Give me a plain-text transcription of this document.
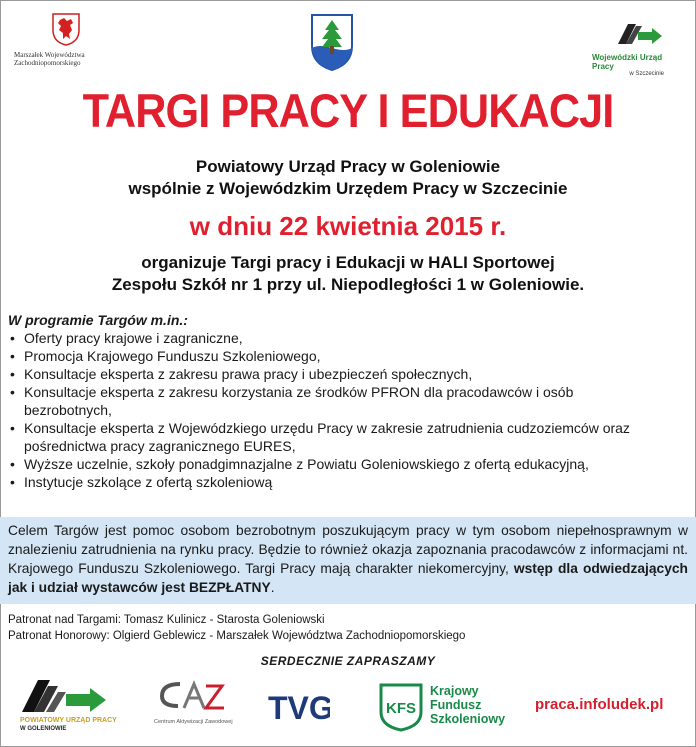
Marszałek Województwa
Zachodniopomorskiego
Wojewódzki Urząd Pracy
w Szczecinie
TARGI PRACY I EDUKACJI
Powiatowy Urząd Pracy w Goleniowie
wspólnie z Wojewódzkim Urzędem Pracy w Szczecinie
w dniu 22 kwietnia 2015 r.
organizuje Targi pracy i Edukacji w HALI Sportowej
Zespołu Szkół nr 1 przy ul. Niepodległości 1 w Goleniowie.
W programie Targów m.in.:
• Oferty pracy krajowe i zagraniczne,
• Promocja Krajowego Funduszu Szkoleniowego,
• Konsultacje eksperta z zakresu prawa pracy i ubezpieczeń społecznych,
• Konsultacje eksperta z zakresu korzystania ze środków PFRON dla pracodawców i osób bezrobotnych,
• Konsultacje eksperta z Wojewódzkiego urzędu Pracy w zakresie zatrudnienia cudzoziemców oraz pośrednictwa pracy zagranicznego EURES,
• Wyższe uczelnie, szkoły ponadgimnazjalne z Powiatu Goleniowskiego z ofertą edukacyjną,
• Instytucje szkolące z ofertą szkoleniową
Celem Targów jest pomoc osobom bezrobotnym poszukującym pracy w tym osobom niepełnosprawnym w znalezieniu zatrudnienia na rynku pracy. Będzie to również okazja zapoznania pracodawców z informacjami nt. Krajowego Funduszu Szkoleniowego. Targi Pracy mają charakter niekomercyjny, wstęp dla odwiedzających jak i udział wystawców jest BEZPŁATNY.
Patronat nad Targami: Tomasz Kulinicz - Starosta Goleniowski
Patronat Honorowy: Olgierd Geblewicz - Marszałek Województwa Zachodniopomorskiego
SERDECZNIE ZAPRASZAMY
POWIATOWY URZĄD PRACY
W GOLENIOWIE
Centrum Aktywizacji Zawodowej TVG	KFS
Krajowy
Fundusz
Szkoleniowy
praca.infoludek.pl
